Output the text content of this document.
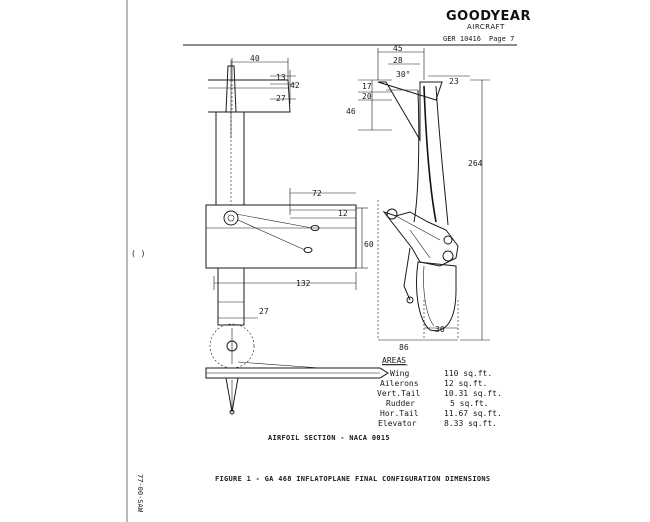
GOODYEAR
AIRCRAFT
GER 10416 Page 7
40
13
42
27
72
12
60
132
27
45
28
30°
23
17
20
46
264
30
86
AREAS
Wing	110 sq.ft.
Ailerons	12 sq.ft.
Vert.Tail	10.31 sq.ft.
Rudder	5 sq.ft.
Hor.Tail	11.67 sq.ft.
Elevator	8.33 sq.ft.
AIRFOIL SECTION - NACA 0015
FIGURE 1 - GA 468 INFLATOPLANE FINAL CONFIGURATION DIMENSIONS
( )
77-00-SAW
